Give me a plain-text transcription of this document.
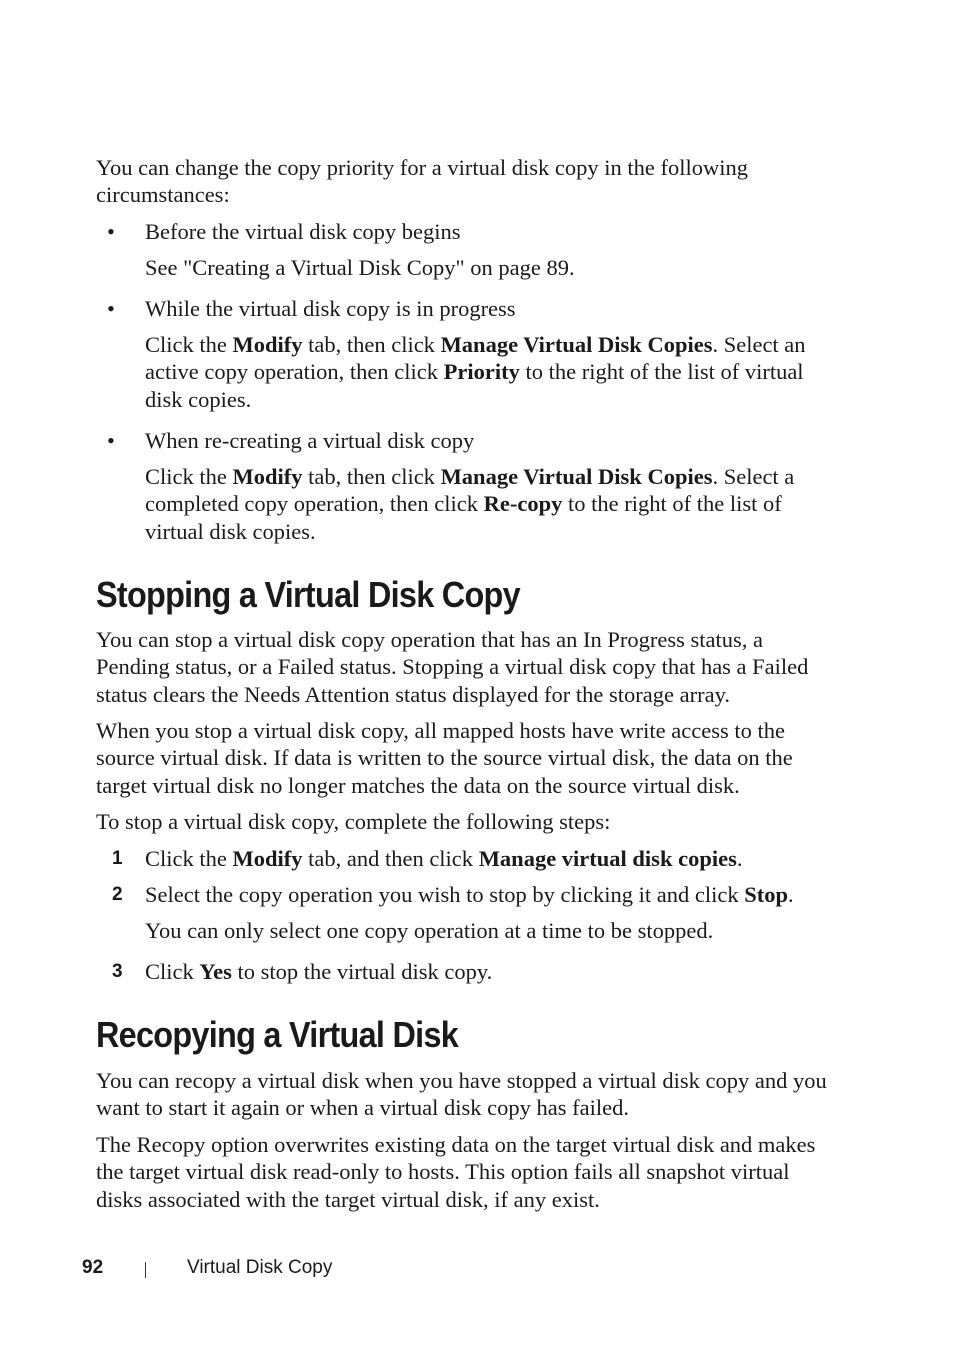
You can change the copy priority for a virtual disk copy in the following circumstances:

• Before the virtual disk copy begins

See "Creating a Virtual Disk Copy" on page 89.

• While the virtual disk copy is in progress

Click the Modify tab, then click Manage Virtual Disk Copies. Select an active copy operation, then click Priority to the right of the list of virtual disk copies.

• When re-creating a virtual disk copy

Click the Modify tab, then click Manage Virtual Disk Copies. Select a completed copy operation, then click Re-copy to the right of the list of virtual disk copies.

Stopping a Virtual Disk Copy

You can stop a virtual disk copy operation that has an In Progress status, a Pending status, or a Failed status. Stopping a virtual disk copy that has a Failed status clears the Needs Attention status displayed for the storage array.

When you stop a virtual disk copy, all mapped hosts have write access to the source virtual disk. If data is written to the source virtual disk, the data on the target virtual disk no longer matches the data on the source virtual disk.

To stop a virtual disk copy, complete the following steps:

1 Click the Modify tab, and then click Manage virtual disk copies.

2 Select the copy operation you wish to stop by clicking it and click Stop.

You can only select one copy operation at a time to be stopped.

3 Click Yes to stop the virtual disk copy.

Recopying a Virtual Disk

You can recopy a virtual disk when you have stopped a virtual disk copy and you want to start it again or when a virtual disk copy has failed.

The Recopy option overwrites existing data on the target virtual disk and makes the target virtual disk read-only to hosts. This option fails all snapshot virtual disks associated with the target virtual disk, if any exist.

92	Virtual Disk Copy
